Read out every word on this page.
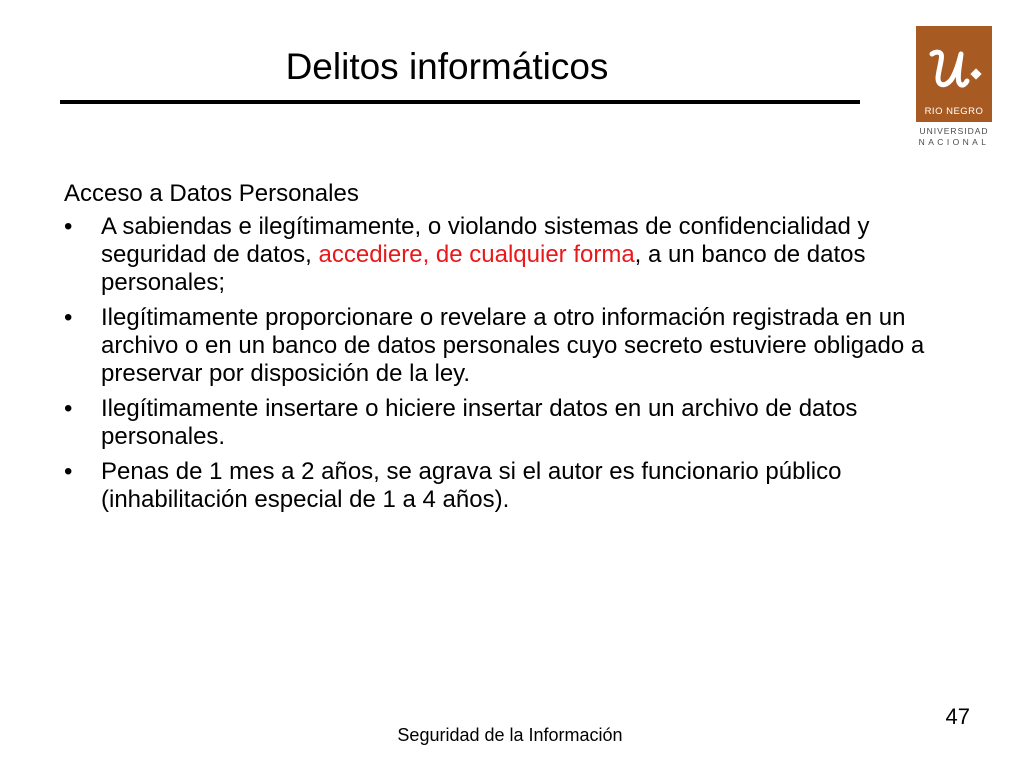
Delitos informáticos
RIO NEGRO
UNIVERSIDAD
NACIONAL

Acceso a Datos Personales

• A sabiendas e ilegítimamente, o violando sistemas de confidencialidad y seguridad de datos, accediere, de cualquier forma, a un banco de datos personales;
• Ilegítimamente proporcionare o revelare a otro información registrada en un archivo o en un banco de datos personales cuyo secreto estuviere obligado a preservar por disposición de la ley.
• Ilegítimamente insertare o hiciere insertar datos en un archivo de datos personales.
• Penas de 1 mes a 2 años, se agrava si el autor es funcionario público (inhabilitación especial de 1 a 4 años).
47
Seguridad de la Información
